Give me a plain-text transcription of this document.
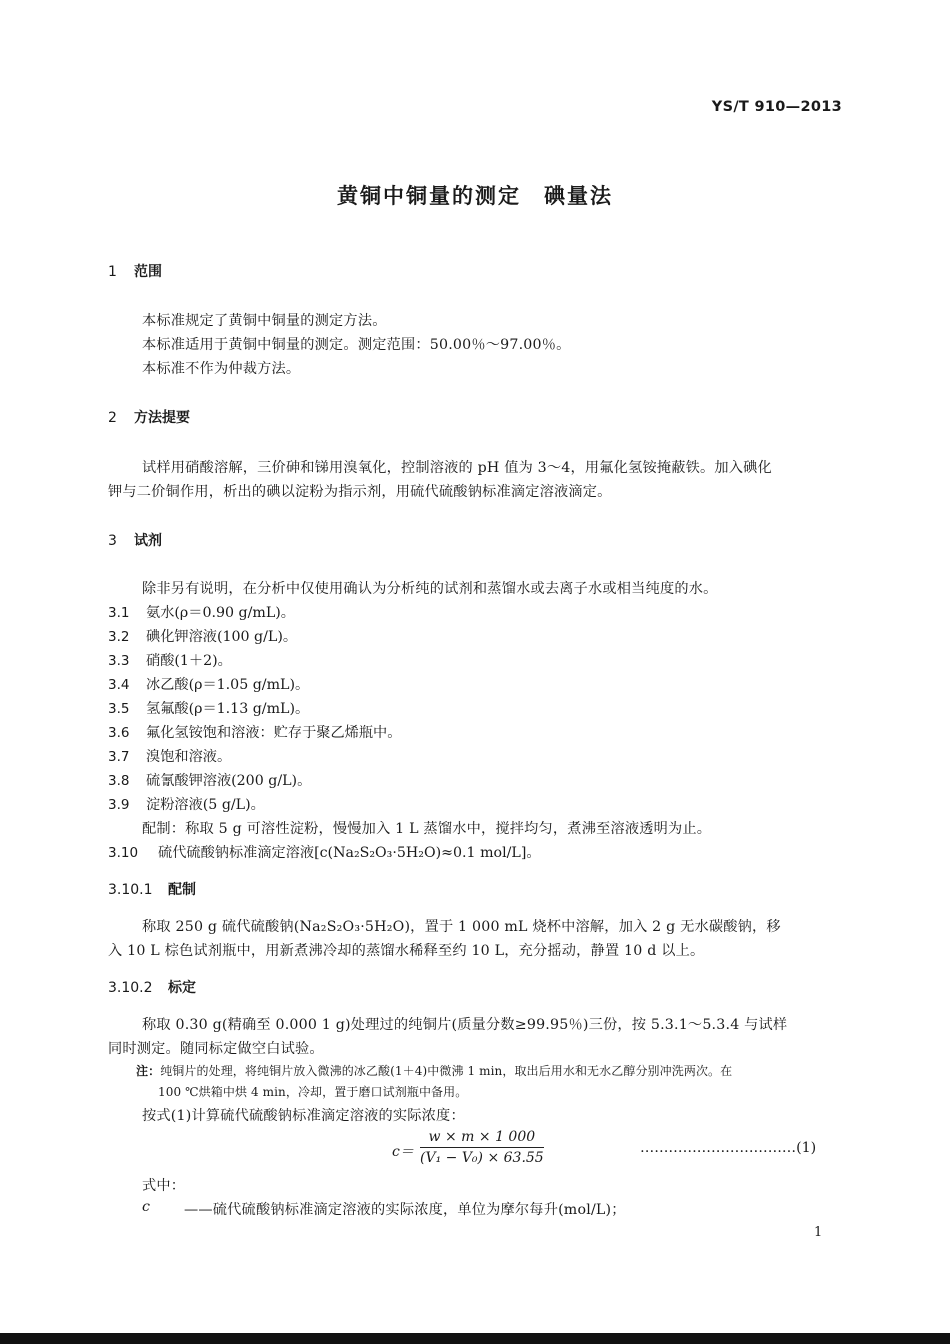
YS/T 910—2013
黄铜中铜量的测定　碘量法
1 范围
本标准规定了黄铜中铜量的测定方法。
本标准适用于黄铜中铜量的测定。测定范围：50.00％～97.00％。
本标准不作为仲裁方法。
2 方法提要
试样用硝酸溶解，三价砷和锑用溴氧化，控制溶液的 pH 值为 3～4，用氟化氢铵掩蔽铁。加入碘化
钾与二价铜作用，析出的碘以淀粉为指示剂，用硫代硫酸钠标准滴定溶液滴定。
3 试剂
除非另有说明，在分析中仅使用确认为分析纯的试剂和蒸馏水或去离子水或相当纯度的水。
3.1 氨水(ρ＝0.90 g/mL)。
3.2 碘化钾溶液(100 g/L)。
3.3 硝酸(1＋2)。
3.4 冰乙酸(ρ＝1.05 g/mL)。
3.5 氢氟酸(ρ＝1.13 g/mL)。
3.6 氟化氢铵饱和溶液：贮存于聚乙烯瓶中。
3.7 溴饱和溶液。
3.8 硫氰酸钾溶液(200 g/L)。
3.9 淀粉溶液(5 g/L)。
配制：称取 5 g 可溶性淀粉，慢慢加入 1 L 蒸馏水中，搅拌均匀，煮沸至溶液透明为止。
3.10 硫代硫酸钠标准滴定溶液[c(Na₂S₂O₃·5H₂O)≈0.1 mol/L]。
3.10.1 配制
称取 250 g 硫代硫酸钠(Na₂S₂O₃·5H₂O)，置于 1 000 mL 烧杯中溶解，加入 2 g 无水碳酸钠，移
入 10 L 棕色试剂瓶中，用新煮沸冷却的蒸馏水稀释至约 10 L，充分摇动，静置 10 d 以上。
3.10.2 标定
称取 0.30 g(精确至 0.000 1 g)处理过的纯铜片(质量分数≥99.95％)三份，按 5.3.1～5.3.4 与试样
同时测定。随同标定做空白试验。
注：纯铜片的处理，将纯铜片放入微沸的冰乙酸(1＋4)中微沸 1 min，取出后用水和无水乙醇分别冲洗两次。在
100 ℃烘箱中烘 4 min，冷却，置于磨口试剂瓶中备用。
按式(1)计算硫代硫酸钠标准滴定溶液的实际浓度：
c＝
w × m × 1 000
(V₁ − V₀) × 63.55
……………………………(1)
式中：
c ——硫代硫酸钠标准滴定溶液的实际浓度，单位为摩尔每升(mol/L)；
1
